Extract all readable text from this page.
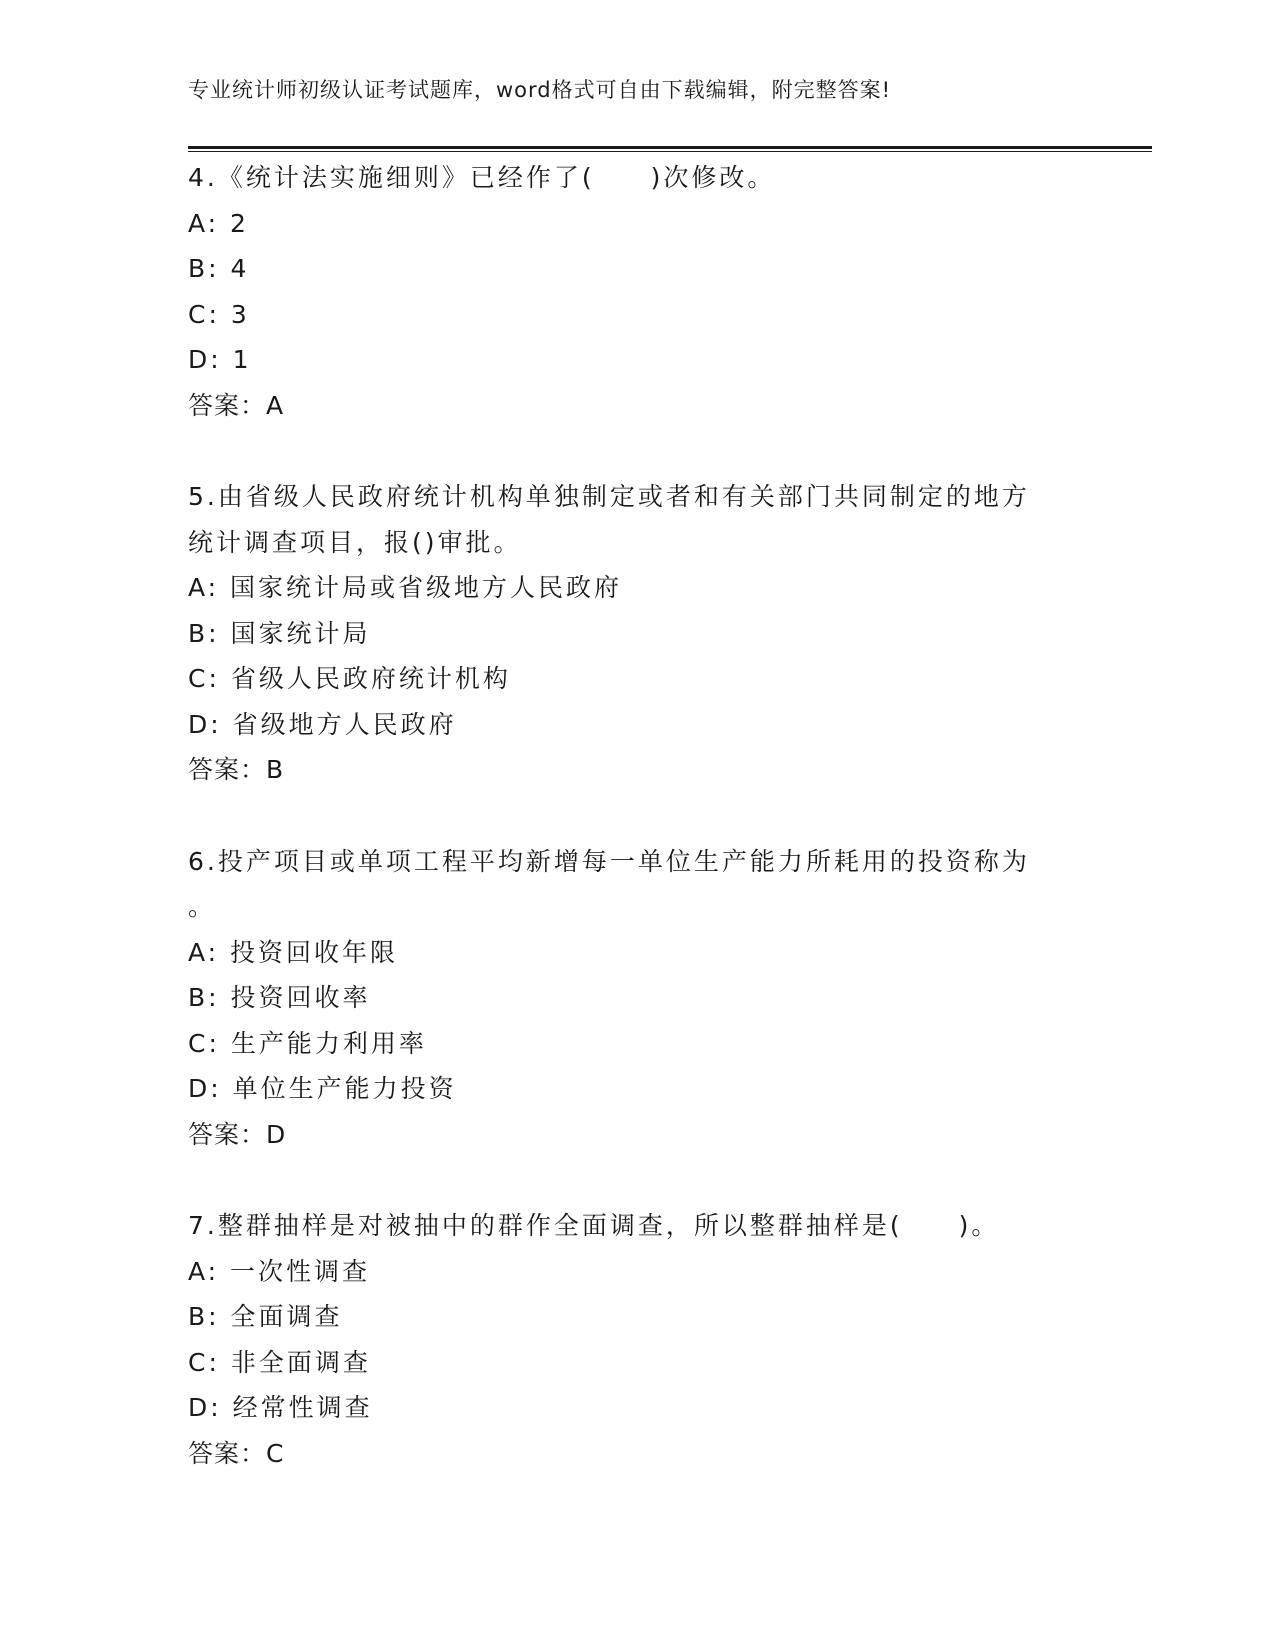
专业统计师初级认证考试题库，word格式可自由下载编辑，附完整答案!
4.《统计法实施细则》已经作了(　　)次修改。
A: 2
B: 4
C: 3
D: 1
答案：A
5.由省级人民政府统计机构单独制定或者和有关部门共同制定的地方
统计调查项目，报()审批。
A: 国家统计局或省级地方人民政府
B: 国家统计局
C: 省级人民政府统计机构
D: 省级地方人民政府
答案：B
6.投产项目或单项工程平均新增每一单位生产能力所耗用的投资称为
。
A: 投资回收年限
B: 投资回收率
C: 生产能力利用率
D: 单位生产能力投资
答案：D
7.整群抽样是对被抽中的群作全面调查，所以整群抽样是(　　)。
A: 一次性调查
B: 全面调查
C: 非全面调查
D: 经常性调查
答案：C
